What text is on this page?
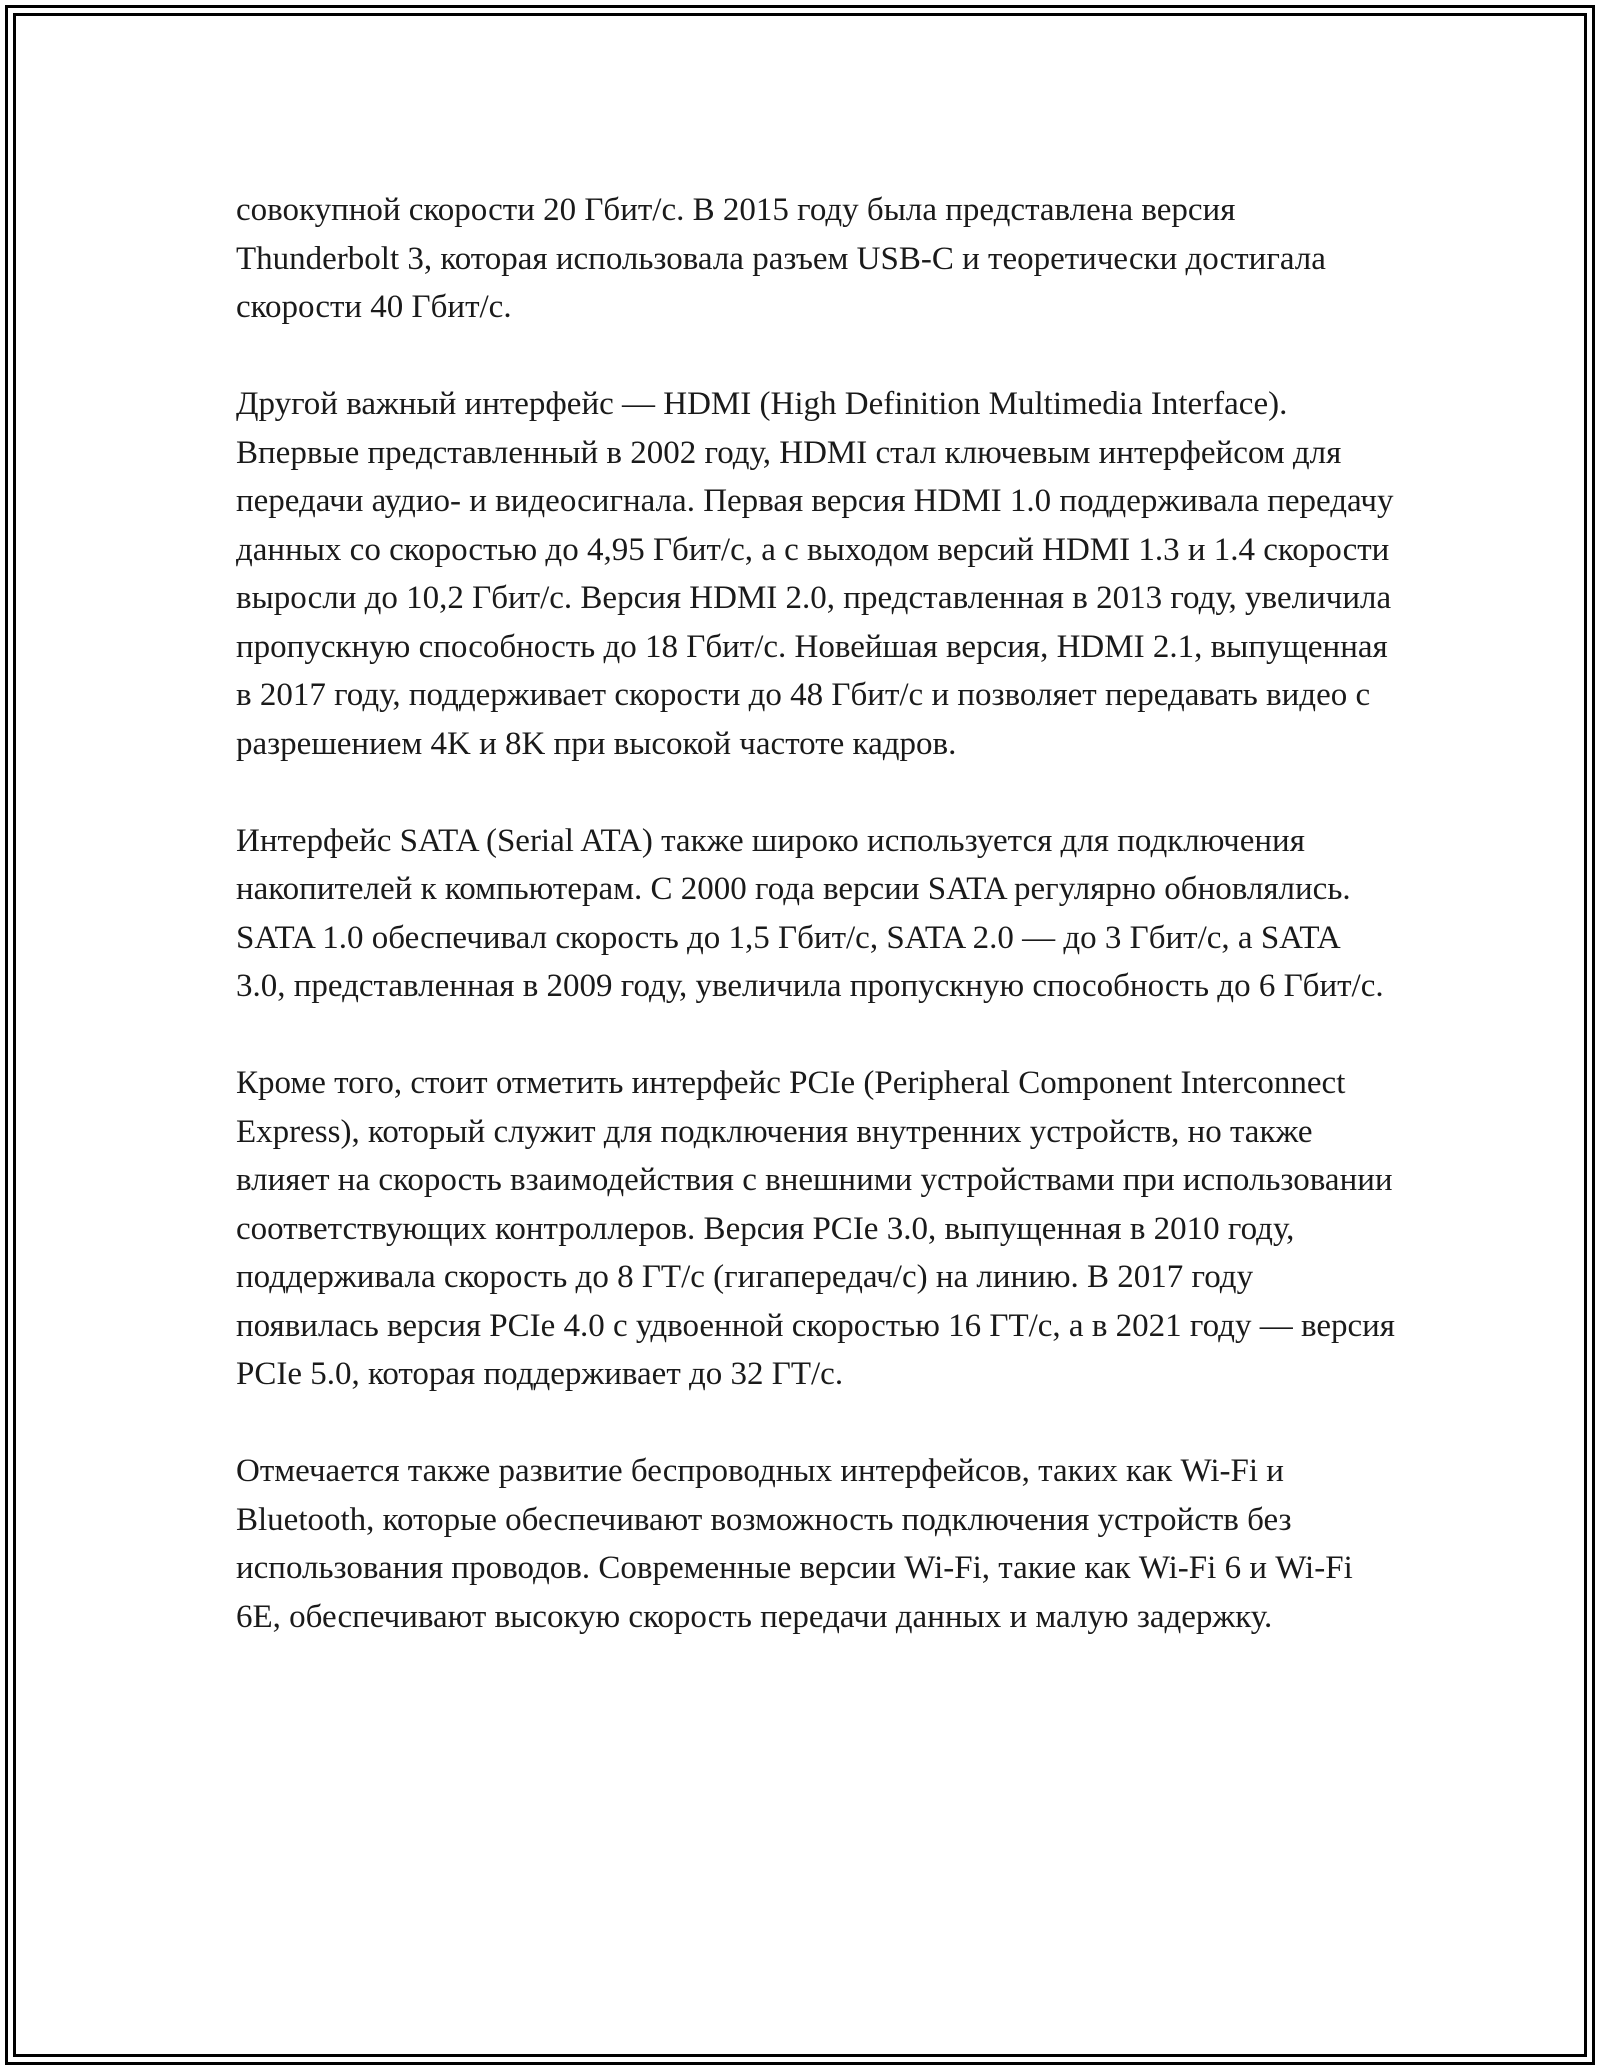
совокупной скорости 20 Гбит/с. В 2015 году была представлена версия Thunderbolt 3, которая использовала разъем USB-C и теоретически достигала скорости 40 Гбит/с.

Другой важный интерфейс — HDMI (High Definition Multimedia Interface). Впервые представленный в 2002 году, HDMI стал ключевым интерфейсом для передачи аудио- и видеосигнала. Первая версия HDMI 1.0 поддерживала передачу данных со скоростью до 4,95 Гбит/с, а с выходом версий HDMI 1.3 и 1.4 скорости выросли до 10,2 Гбит/с. Версия HDMI 2.0, представленная в 2013 году, увеличила пропускную способность до 18 Гбит/с. Новейшая версия, HDMI 2.1, выпущенная в 2017 году, поддерживает скорости до 48 Гбит/с и позволяет передавать видео с разрешением 4K и 8K при высокой частоте кадров.

Интерфейс SATA (Serial ATA) также широко используется для подключения накопителей к компьютерам. С 2000 года версии SATA регулярно обновлялись. SATA 1.0 обеспечивал скорость до 1,5 Гбит/с, SATA 2.0 — до 3 Гбит/с, а SATA 3.0, представленная в 2009 году, увеличила пропускную способность до 6 Гбит/с.

Кроме того, стоит отметить интерфейс PCIe (Peripheral Component Interconnect Express), который служит для подключения внутренних устройств, но также влияет на скорость взаимодействия с внешними устройствами при использовании соответствующих контроллеров. Версия PCIe 3.0, выпущенная в 2010 году, поддерживала скорость до 8 ГТ/с (гигапередач/с) на линию. В 2017 году появилась версия PCIe 4.0 с удвоенной скоростью 16 ГТ/с, а в 2021 году — версия PCIe 5.0, которая поддерживает до 32 ГТ/с.

Отмечается также развитие беспроводных интерфейсов, таких как Wi-Fi и Bluetooth, которые обеспечивают возможность подключения устройств без использования проводов. Современные версии Wi-Fi, такие как Wi-Fi 6 и Wi-Fi 6E, обеспечивают высокую скорость передачи данных и малую задержку.
